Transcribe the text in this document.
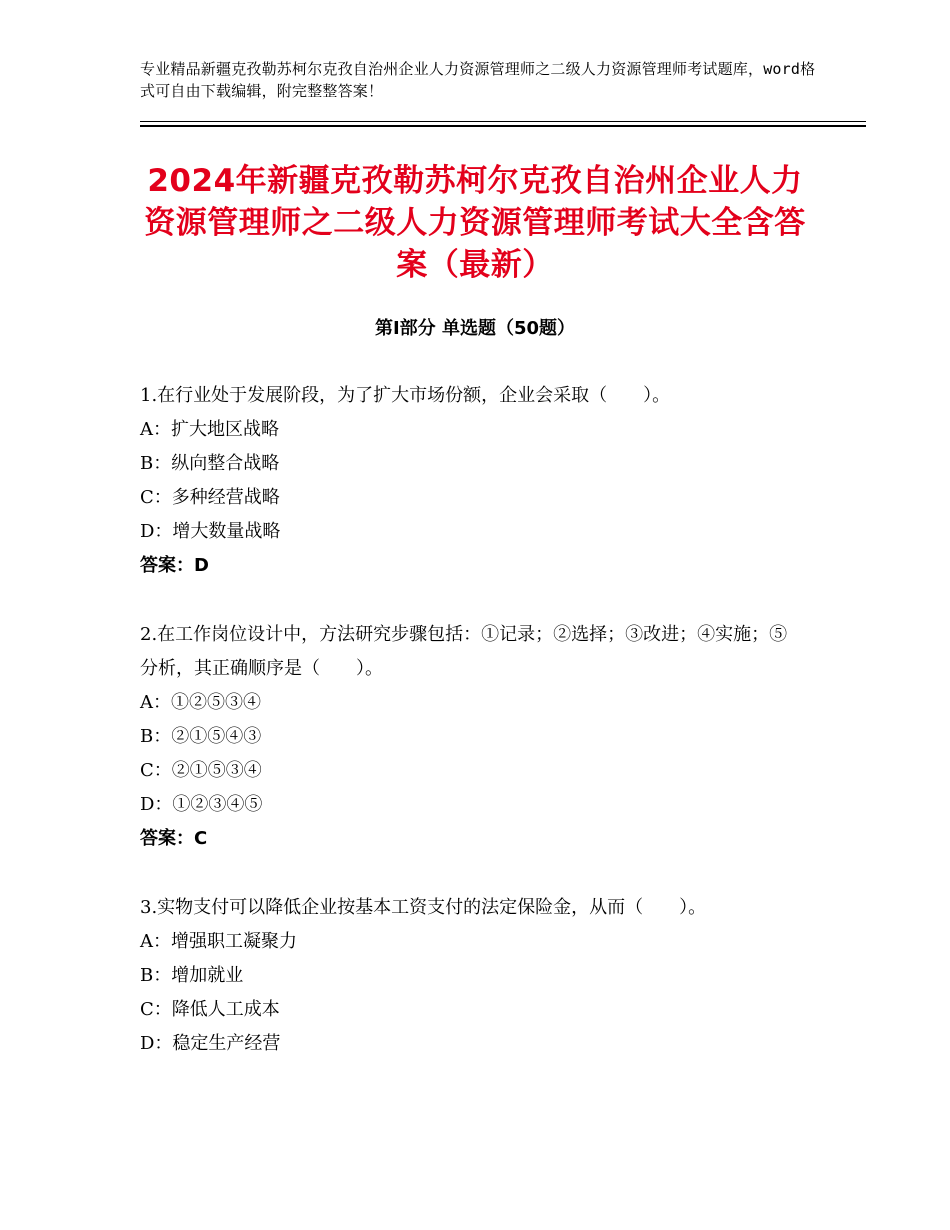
专业精品新疆克孜勒苏柯尔克孜自治州企业人力资源管理师之二级人力资源管理师考试题库，word格式可自由下载编辑，附完整整答案！
2024年新疆克孜勒苏柯尔克孜自治州企业人力资源管理师之二级人力资源管理师考试大全含答案（最新）
第Ⅰ部分 单选题（50题）

1.在行业处于发展阶段，为了扩大市场份额，企业会采取（　　）。

A：扩大地区战略

B：纵向整合战略

C：多种经营战略

D：增大数量战略

答案：D

2.在工作岗位设计中，方法研究步骤包括：①记录；②选择；③改进；④实施；⑤分析，其正确顺序是（　　）。

A：①②⑤③④

B：②①⑤④③

C：②①⑤③④

D：①②③④⑤

答案：C

3.实物支付可以降低企业按基本工资支付的法定保险金，从而（　　）。

A：增强职工凝聚力

B：增加就业

C：降低人工成本

D：稳定生产经营
